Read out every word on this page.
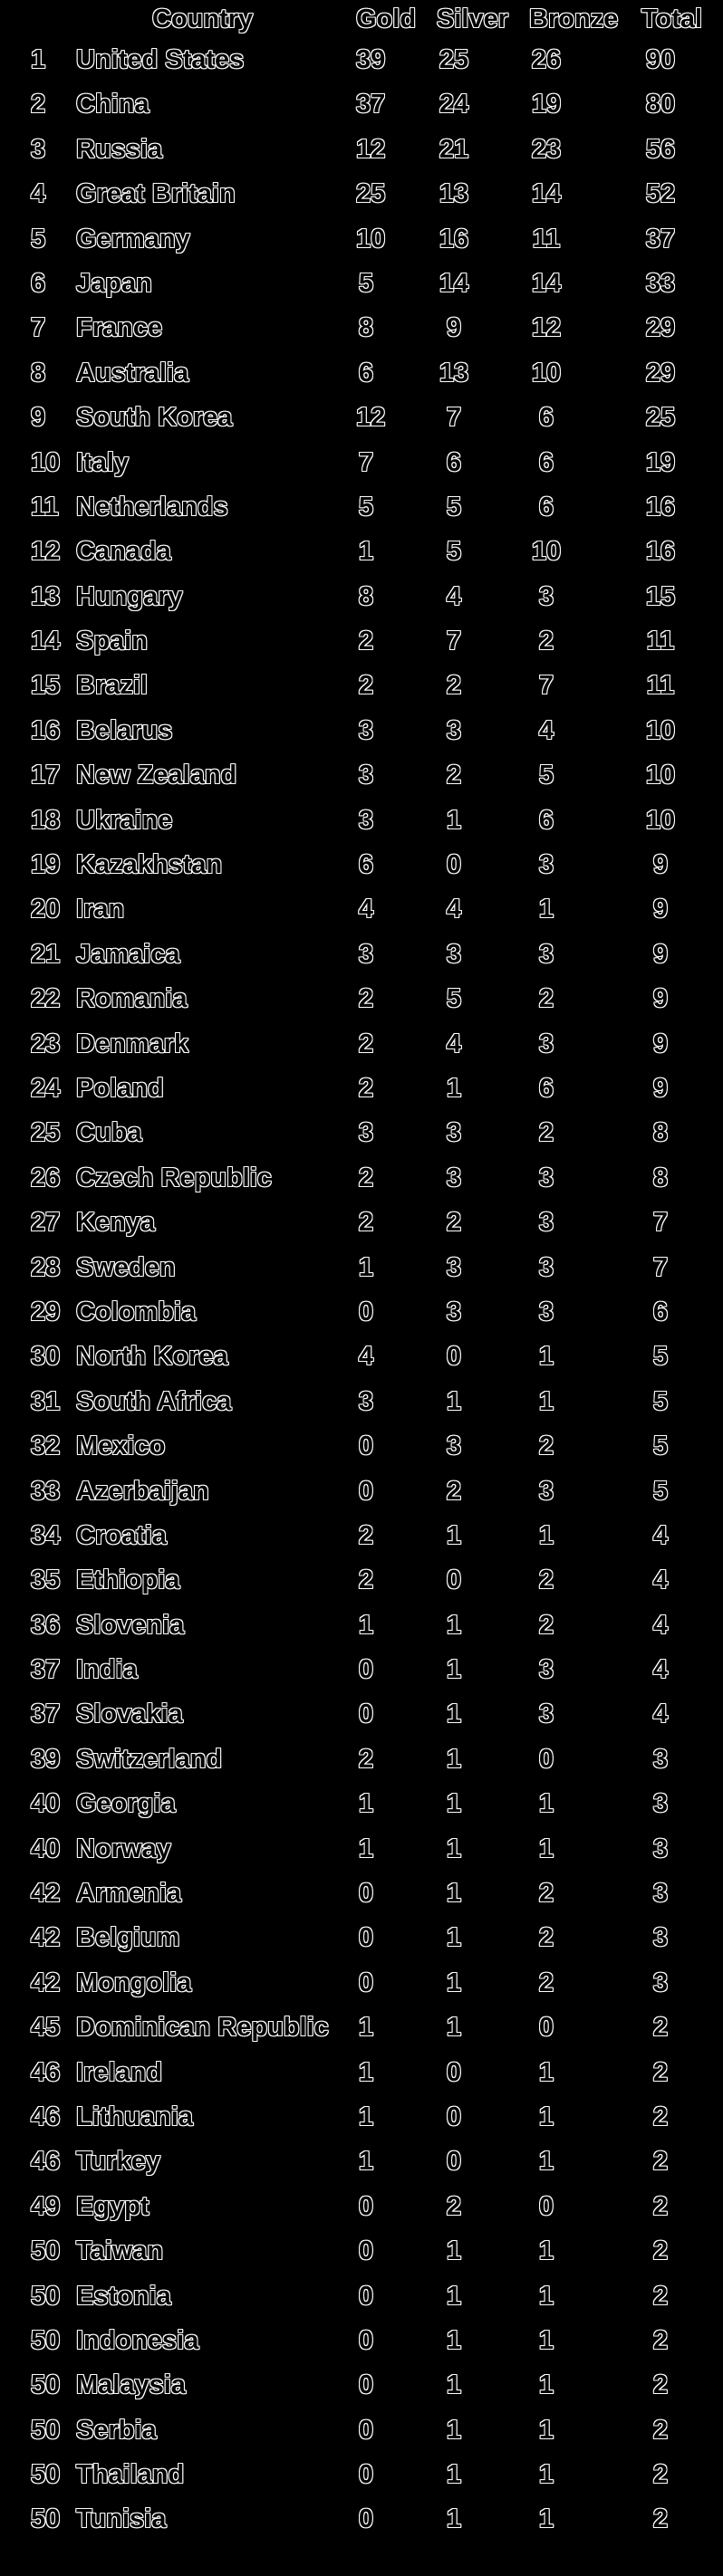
Country	Gold Silver Bronze Total
1 United States	39	25	26	90
2 China	37	24	19	80
3 Russia	12	21	23	56
4 Great Britain	25	13	14	52
5 Germany	10	16	11	37
6 Japan	5	14	14	33
7 France	8	9	12	29
8 Australia	6	13	10	29
9 South Korea	12	7	6	25
10 Italy	7	6	6	19
11 Netherlands	5	5	6	16
12 Canada	1	5	10	16
13 Hungary	8	4	3	15
14 Spain	2	7	2	11
15 Brazil	2	2	7	11
16 Belarus	3	3	4	10
17 New Zealand	3	2	5	10
18 Ukraine	3	1	6	10
19 Kazakhstan	6	0	3	9
20 Iran	4	4	1	9
21 Jamaica	3	3	3	9
22 Romania	2	5	2	9
23 Denmark	2	4	3	9
24 Poland	2	1	6	9
25 Cuba	3	3	2	8
26 Czech Republic	2	3	3	8
27 Kenya	2	2	3	7
28 Sweden	1	3	3	7
29 Colombia	0	3	3	6
30 North Korea	4	0	1	5
31 South Africa	3	1	1	5
32 Mexico	0	3	2	5
33 Azerbaijan	0	2	3	5
34 Croatia	2	1	1	4
35 Ethiopia	2	0	2	4
36 Slovenia	1	1	2	4
37 India	0	1	3	4
37 Slovakia	0	1	3	4
39 Switzerland	2	1	0	3
40 Georgia	1	1	1	3
40 Norway	1	1	1	3
42 Armenia	0	1	2	3
42 Belgium	0	1	2	3
42 Mongolia	0	1	2	3
45 Dominican Republic 1	1	0	2
46 Ireland	1	0	1	2
46 Lithuania	1	0	1	2
46 Turkey	1	0	1	2
49 Egypt	0	2	0	2
50 Taiwan	0	1	1	2
50 Estonia	0	1	1	2
50 Indonesia	0	1	1	2
50 Malaysia	0	1	1	2
50 Serbia	0	1	1	2
50 Thailand	0	1	1	2
50 Tunisia	0	1	1	2
